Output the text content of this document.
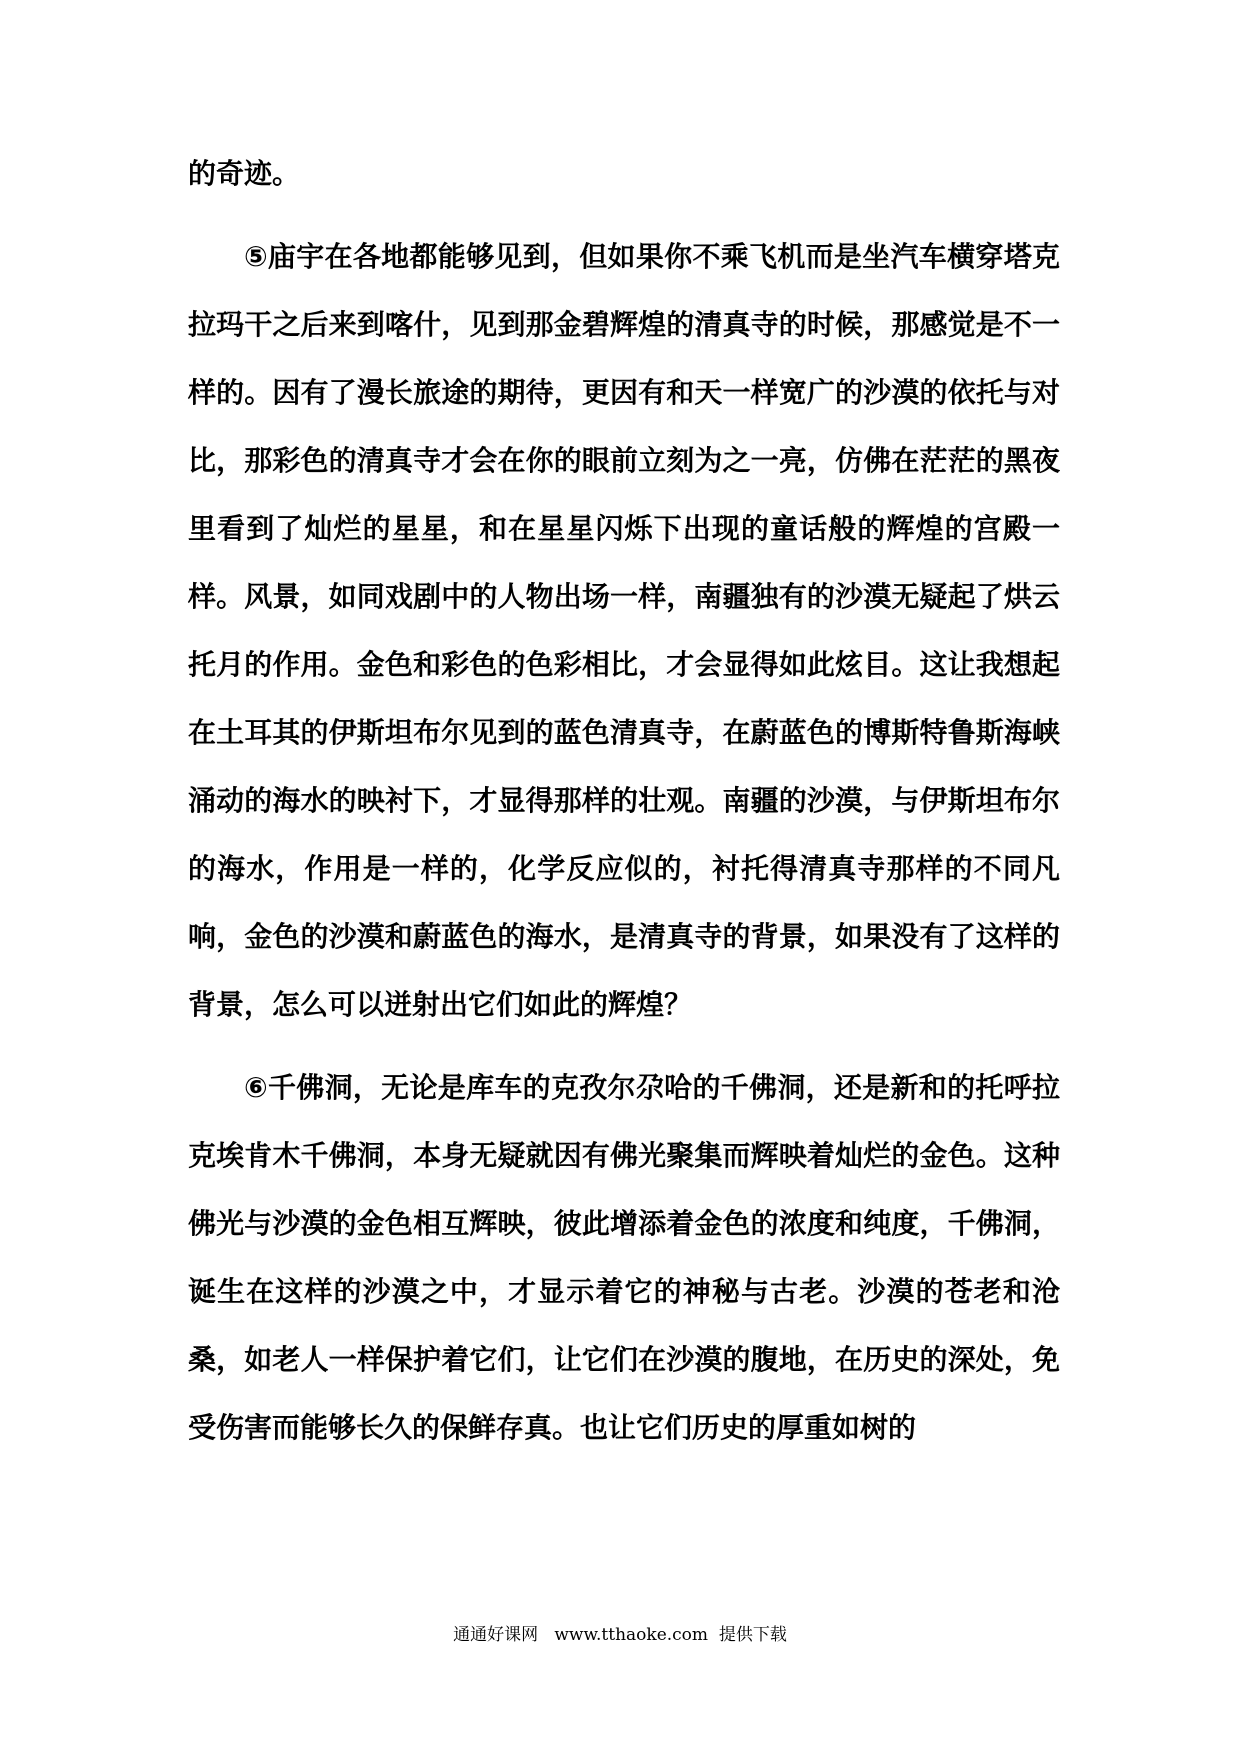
的奇迹。

⑤庙宇在各地都能够见到，但如果你不乘飞机而是坐汽车横穿塔克拉玛干之后来到喀什，见到那金碧辉煌的清真寺的时候，那感觉是不一样的。因有了漫长旅途的期待，更因有和天一样宽广的沙漠的依托与对比，那彩色的清真寺才会在你的眼前立刻为之一亮，仿佛在茫茫的黑夜里看到了灿烂的星星，和在星星闪烁下出现的童话般的辉煌的宫殿一样。风景，如同戏剧中的人物出场一样，南疆独有的沙漠无疑起了烘云托月的作用。金色和彩色的色彩相比，才会显得如此炫目。这让我想起在土耳其的伊斯坦布尔见到的蓝色清真寺，在蔚蓝色的博斯特鲁斯海峡涌动的海水的映衬下，才显得那样的壮观。南疆的沙漠，与伊斯坦布尔的海水，作用是一样的，化学反应似的，衬托得清真寺那样的不同凡响，金色的沙漠和蔚蓝色的海水，是清真寺的背景，如果没有了这样的背景，怎么可以迸射出它们如此的辉煌？

⑥千佛洞，无论是库车的克孜尔尕哈的千佛洞，还是新和的托呼拉克埃肯木千佛洞，本身无疑就因有佛光聚集而辉映着灿烂的金色。这种佛光与沙漠的金色相互辉映，彼此增添着金色的浓度和纯度，千佛洞，诞生在这样的沙漠之中，才显示着它的神秘与古老。沙漠的苍老和沧桑，如老人一样保护着它们，让它们在沙漠的腹地，在历史的深处，免受伤害而能够长久的保鲜存真。也让它们历史的厚重如树的

通通好课网   www.tthaoke.com  提供下载
